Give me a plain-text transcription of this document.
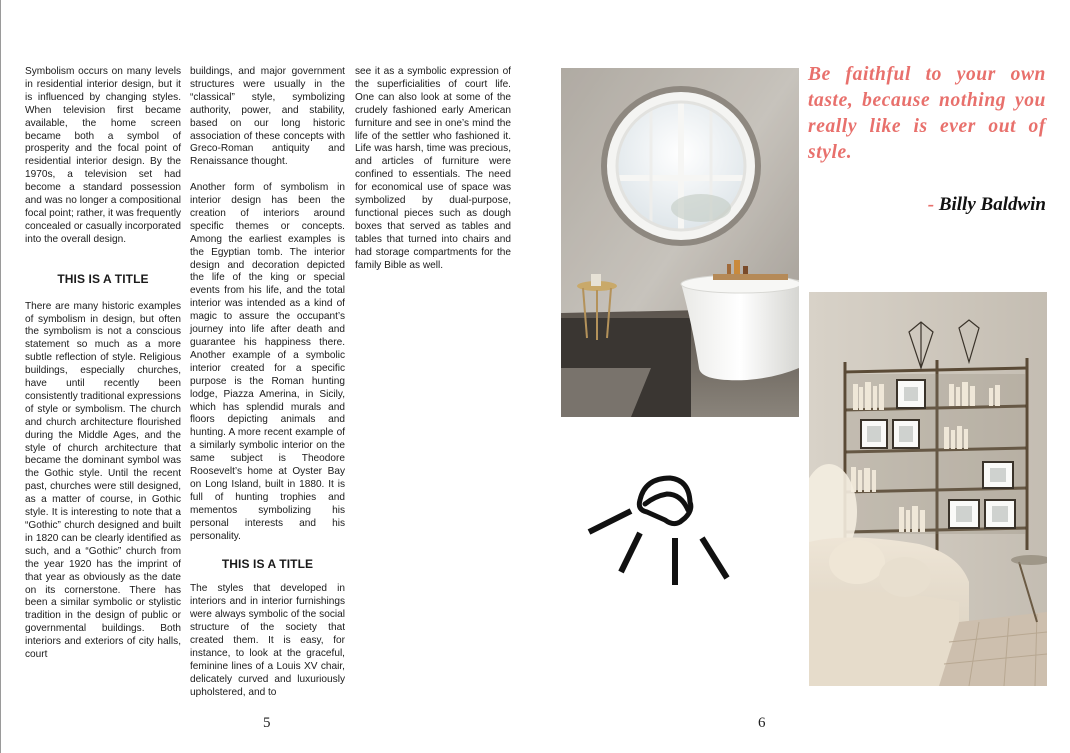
Symbolism occurs on many levels in residential interior design, but it is influenced by changing styles. When television first became available, the home screen became both a symbol of prosperity and the focal point of residential interior design. By the 1970s, a television set had become a standard possession and was no longer a compositional focal point; rather, it was frequently concealed or casually incorporated into the overall design.

THIS IS A TITLE

There are many historic examples of symbolism in design, but often the symbolism is not a conscious statement so much as a more subtle reflection of style. Religious buildings, especially churches, have until recently been consistently traditional expressions of style or symbolism. The church and church architecture flourished during the Middle Ages, and the style of church architecture that became the dominant symbol was the Gothic style. Until the recent past, churches were still designed, as a matter of course, in Gothic style. It is interesting to note that a “Gothic” church designed and built in 1820 can be clearly identified as such, and a “Gothic” church from the year 1920 has the imprint of that year as obviously as the date on its cornerstone. There has been a similar symbolic or stylistic tradition in the design of public or governmental buildings. Both interiors and exteriors of city halls, court

buildings, and major government structures were usually in the “classical” style, symbolizing authority, power, and stability, based on our long historic association of these concepts with Greco-Roman antiquity and Renaissance thought.

Another form of symbolism in interior design has been the creation of interiors around specific themes or concepts. Among the earliest examples is the Egyptian tomb. The interior design and decoration depicted the life of the king or special events from his life, and the total interior was intended as a kind of magic to assure the occupant’s journey into life after death and guarantee his happiness there. Another example of a symbolic interior created for a specific purpose is the Roman hunting lodge, Piazza Amerina, in Sicily, which has splendid murals and floors depicting animals and hunting. A more recent example of a similarly symbolic interior on the same subject is Theodore Roosevelt’s home at Oyster Bay on Long Island, built in 1880. It is full of hunting trophies and mementos symbolizing his personal interests and his personality.

THIS IS A TITLE

The styles that developed in interiors and in interior furnishings were always symbolic of the social structure of the society that created them. It is easy, for instance, to look at the graceful, feminine lines of a Louis XV chair, delicately curved and luxuriously upholstered, and to

see it as a symbolic expression of the superficialities of court life. One can also look at some of the crudely fashioned early American furniture and see in one’s mind the life of the settler who fashioned it. Life was harsh, time was precious, and articles of furniture were confined to essentials. The need for economical use of space was symbolized by dual-purpose, functional pieces such as dough boxes that served as tables and tables that turned into chairs and had storage compartments for the family Bible as well.

5
Be faithful to your own taste, because nothing you really like is ever out of style.
- Billy Baldwin
6
